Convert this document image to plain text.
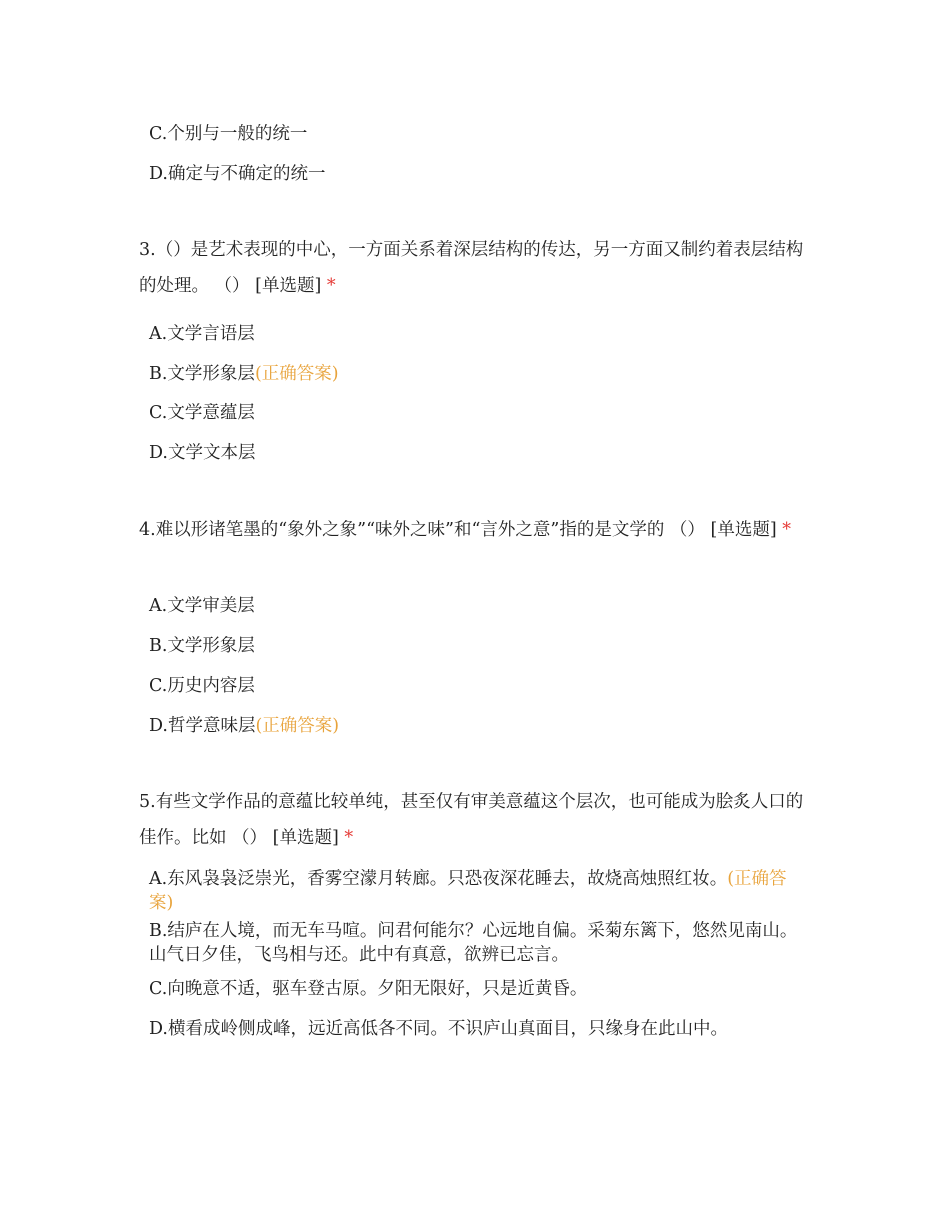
C.个别与一般的统一
D.确定与不确定的统一
3.（）是艺术表现的中心，一方面关系着深层结构的传达，另一方面又制约着表层结构的处理。 （） [单选题] *
A.文学言语层
B.文学形象层(正确答案)
C.文学意蕴层
D.文学文本层
4.难以形诸笔墨的“象外之象”“味外之味”和“言外之意”指的是文学的 （） [单选题] *
A.文学审美层
B.文学形象层
C.历史内容层
D.哲学意味层(正确答案)
5.有些文学作品的意蕴比较单纯，甚至仅有审美意蕴这个层次，也可能成为脍炙人口的佳作。比如 （） [单选题] *
A.东风袅袅泛崇光，香雾空濛月转廊。只恐夜深花睡去，故烧高烛照红妆。(正确答案)
B.结庐在人境，而无车马喧。问君何能尔？心远地自偏。采菊东篱下，悠然见南山。山气日夕佳，飞鸟相与还。此中有真意，欲辨已忘言。
C.向晚意不适，驱车登古原。夕阳无限好，只是近黄昏。
D.横看成岭侧成峰，远近高低各不同。不识庐山真面目，只缘身在此山中。
